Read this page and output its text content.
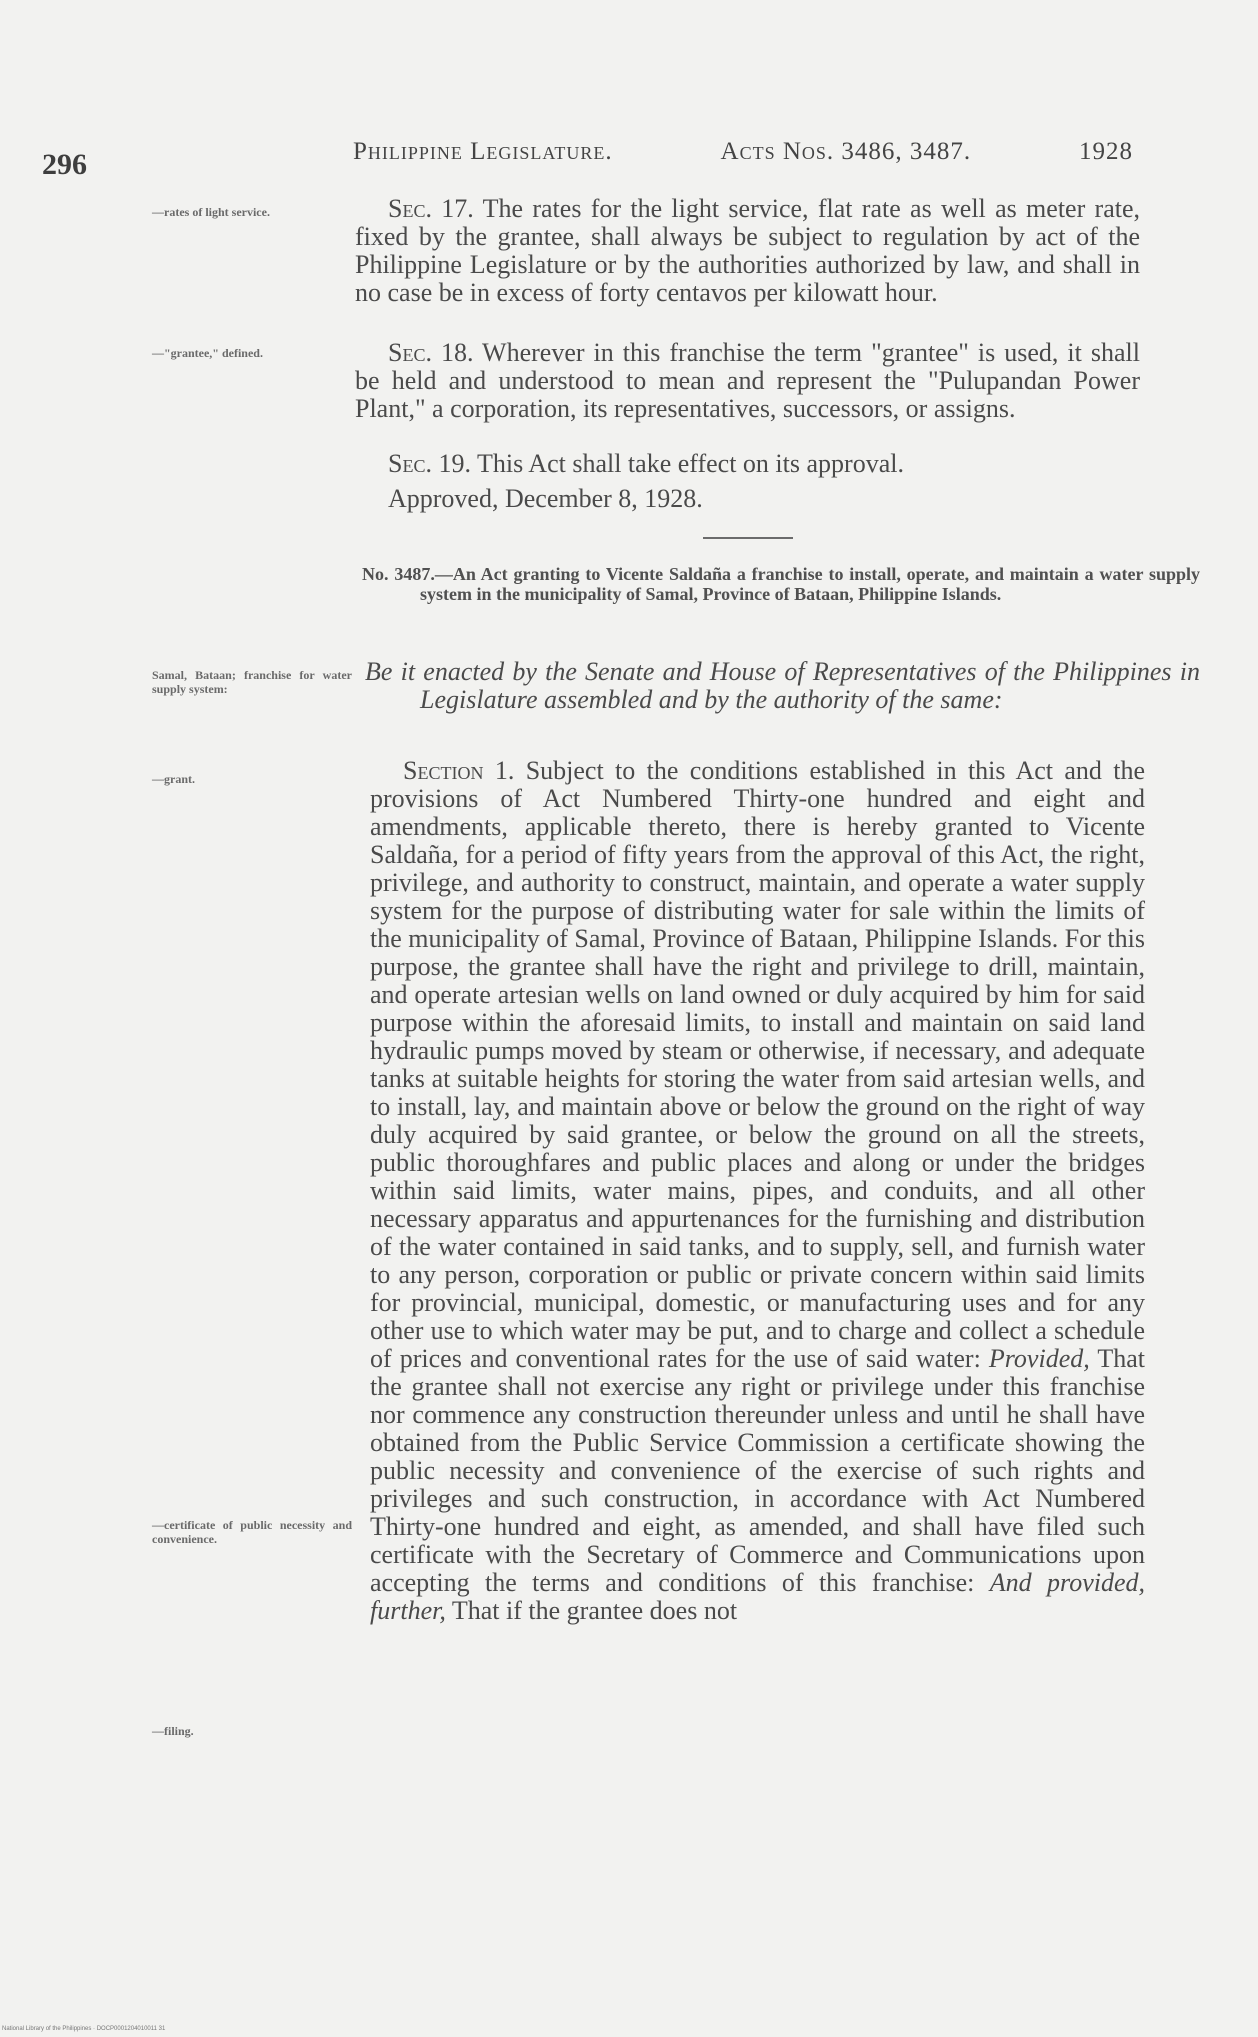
296	Philippine Legislature.	Acts Nos. 3486, 3487.	1928
—rates of light service.
—"grantee," defined.
Samal, Bataan; franchise for water supply system:
—grant.
—certificate of public necessity and convenience.
—filing.
Sec. 17. The rates for the light service, flat rate as well as meter rate, fixed by the grantee, shall always be subject to regulation by act of the Philippine Legislature or by the authorities authorized by law, and shall in no case be in excess of forty centavos per kilowatt hour.
Sec. 18. Wherever in this franchise the term "grantee" is used, it shall be held and understood to mean and represent the "Pulupandan Power Plant," a corporation, its representatives, successors, or assigns.
Sec. 19. This Act shall take effect on its approval.
Approved, December 8, 1928.
No. 3487.—An Act granting to Vicente Saldaña a franchise to install, operate, and maintain a water supply system in the municipality of Samal, Province of Bataan, Philippine Islands.
Be it enacted by the Senate and House of Representatives of the Philippines in Legislature assembled and by the authority of the same:
Section 1. Subject to the conditions established in this Act and the provisions of Act Numbered Thirty-one hundred and eight and amendments, applicable thereto, there is hereby granted to Vicente Saldaña, for a period of fifty years from the approval of this Act, the right, privilege, and authority to construct, maintain, and operate a water supply system for the purpose of distributing water for sale within the limits of the municipality of Samal, Province of Bataan, Philippine Islands. For this purpose, the grantee shall have the right and privilege to drill, maintain, and operate artesian wells on land owned or duly acquired by him for said purpose within the aforesaid limits, to install and maintain on said land hydraulic pumps moved by steam or otherwise, if necessary, and adequate tanks at suitable heights for storing the water from said artesian wells, and to install, lay, and maintain above or below the ground on the right of way duly acquired by said grantee, or below the ground on all the streets, public thoroughfares and public places and along or under the bridges within said limits, water mains, pipes, and conduits, and all other necessary apparatus and appurtenances for the furnishing and distribution of the water contained in said tanks, and to supply, sell, and furnish water to any person, corporation or public or private concern within said limits for provincial, municipal, domestic, or manufacturing uses and for any other use to which water may be put, and to charge and collect a schedule of prices and conventional rates for the use of said water: Provided, That the grantee shall not exercise any right or privilege under this franchise nor commence any construction thereunder unless and until he shall have obtained from the Public Service Commission a certificate showing the public necessity and convenience of the exercise of such rights and privileges and such construction, in accordance with Act Numbered Thirty-one hundred and eight, as amended, and shall have filed such certificate with the Secretary of Commerce and Communications upon accepting the terms and conditions of this franchise: And provided, further, That if the grantee does not
National Library of the Philippines · DOCP0001204010011 31
